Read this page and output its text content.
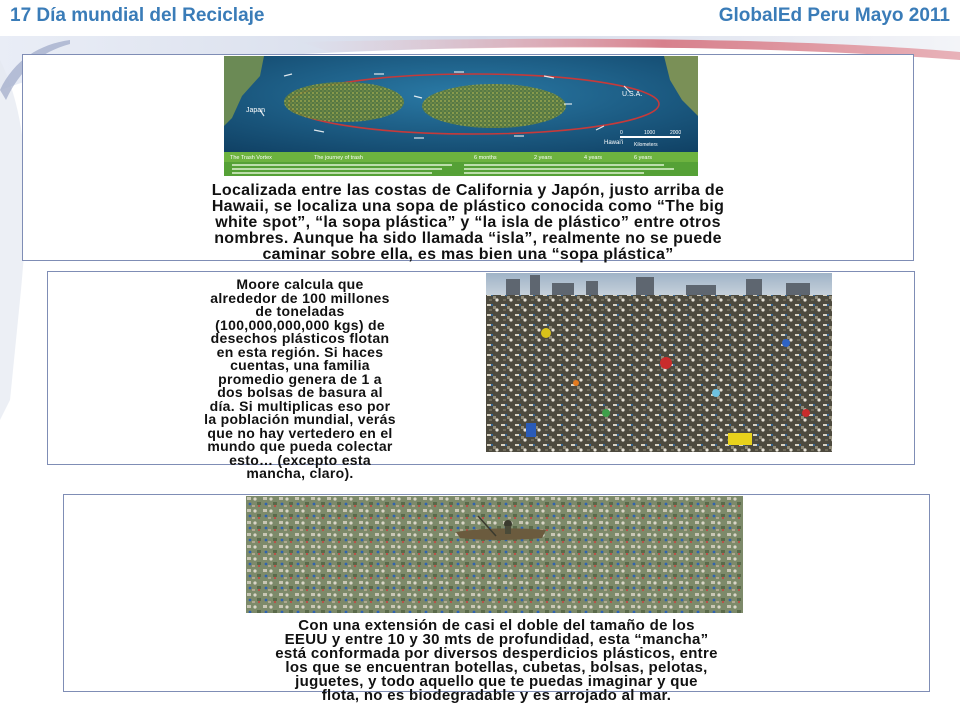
17 Día mundial del Reciclaje	GlobalEd Peru Mayo 2011
Japan
U.S.A.
Hawai'i
0	1000	2000
Kilometers
The Trash Vortex	The journey of trash	6 months	2 years	4 years	6 years
Localizada entre las costas de California y Japón, justo arriba de
Hawaii, se localiza una sopa de plástico conocida como “The big
white spot”, “la sopa plástica” y “la isla de plástico” entre otros
nombres. Aunque ha sido llamada “isla”, realmente no se puede
caminar sobre ella, es mas bien una “sopa plástica”
Moore calcula que
alrededor de 100 millones
de toneladas
(100,000,000,000 kgs) de
desechos plásticos flotan
en esta región. Si haces
cuentas, una familia
promedio genera de 1 a
dos bolsas de basura al
día. Si multiplicas eso por
la población mundial, verás
que no hay vertedero en el
mundo que pueda colectar
esto… (excepto esta
mancha, claro).
Con una extensión de casi el doble del tamaño de los
EEUU y entre 10 y 30 mts de profundidad, esta “mancha”
está conformada por diversos desperdicios plásticos, entre
los que se encuentran botellas, cubetas, bolsas, pelotas,
juguetes, y todo aquello que te puedas imaginar y que
flota, no es biodegradable y es arrojado al mar.
